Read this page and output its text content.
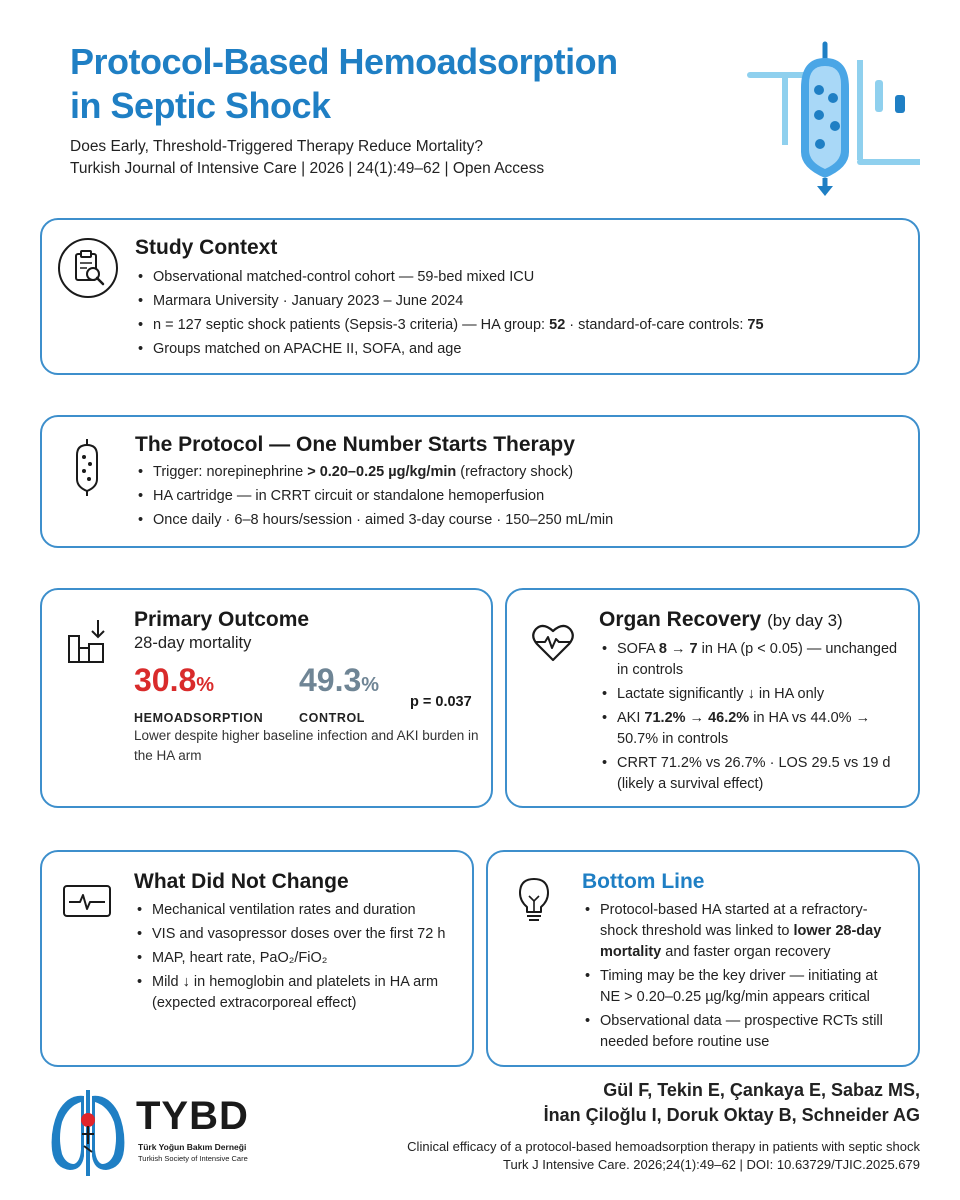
Protocol-Based Hemoadsorption
in Septic Shock
Does Early, Threshold-Triggered Therapy Reduce Mortality?
Turkish Journal of Intensive Care | 2026 | 24(1):49–62 | Open Access
Study Context
• Observational matched-control cohort — 59-bed mixed ICU
• Marmara University · January 2023 – June 2024
• n = 127 septic shock patients (Sepsis-3 criteria) — HA group: 52 · standard-of-care controls: 75
• Groups matched on APACHE II, SOFA, and age
The Protocol — One Number Starts Therapy
• Trigger: norepinephrine > 0.20–0.25 µg/kg/min (refractory shock)
• HA cartridge — in CRRT circuit or standalone hemoperfusion
• Once daily · 6–8 hours/session · aimed 3-day course · 150–250 mL/min
Primary Outcome
28-day mortality
30.8%
HEMOADSORPTION
49.3%
CONTROL
p = 0.037
Lower despite higher baseline infection and AKI burden in the HA arm
Organ Recovery (by day 3)
• SOFA 8 → 7 in HA (p < 0.05) — unchanged in controls
• Lactate significantly ↓ in HA only
• AKI 71.2% → 46.2% in HA vs 44.0% → 50.7% in controls
• CRRT 71.2% vs 26.7% · LOS 29.5 vs 19 d (likely a survival effect)
What Did Not Change
• Mechanical ventilation rates and duration
• VIS and vasopressor doses over the first 72 h
• MAP, heart rate, PaO₂/FiO₂
• Mild ↓ in hemoglobin and platelets in HA arm (expected extracorporeal effect)
Bottom Line
• Protocol-based HA started at a refractory-shock threshold was linked to lower 28-day mortality and faster organ recovery
• Timing may be the key driver — initiating at NE > 0.20–0.25 µg/kg/min appears critical
• Observational data — prospective RCTs still needed before routine use
TYBD
Türk Yoğun Bakım Derneği
Turkish Society of Intensive Care
Gül F, Tekin E, Çankaya E, Sabaz MS,
İnan Çiloğlu I, Doruk Oktay B, Schneider AG
Clinical efficacy of a protocol-based hemoadsorption therapy in patients with septic shock
Turk J Intensive Care. 2026;24(1):49–62 | DOI: 10.63729/TJIC.2025.679
